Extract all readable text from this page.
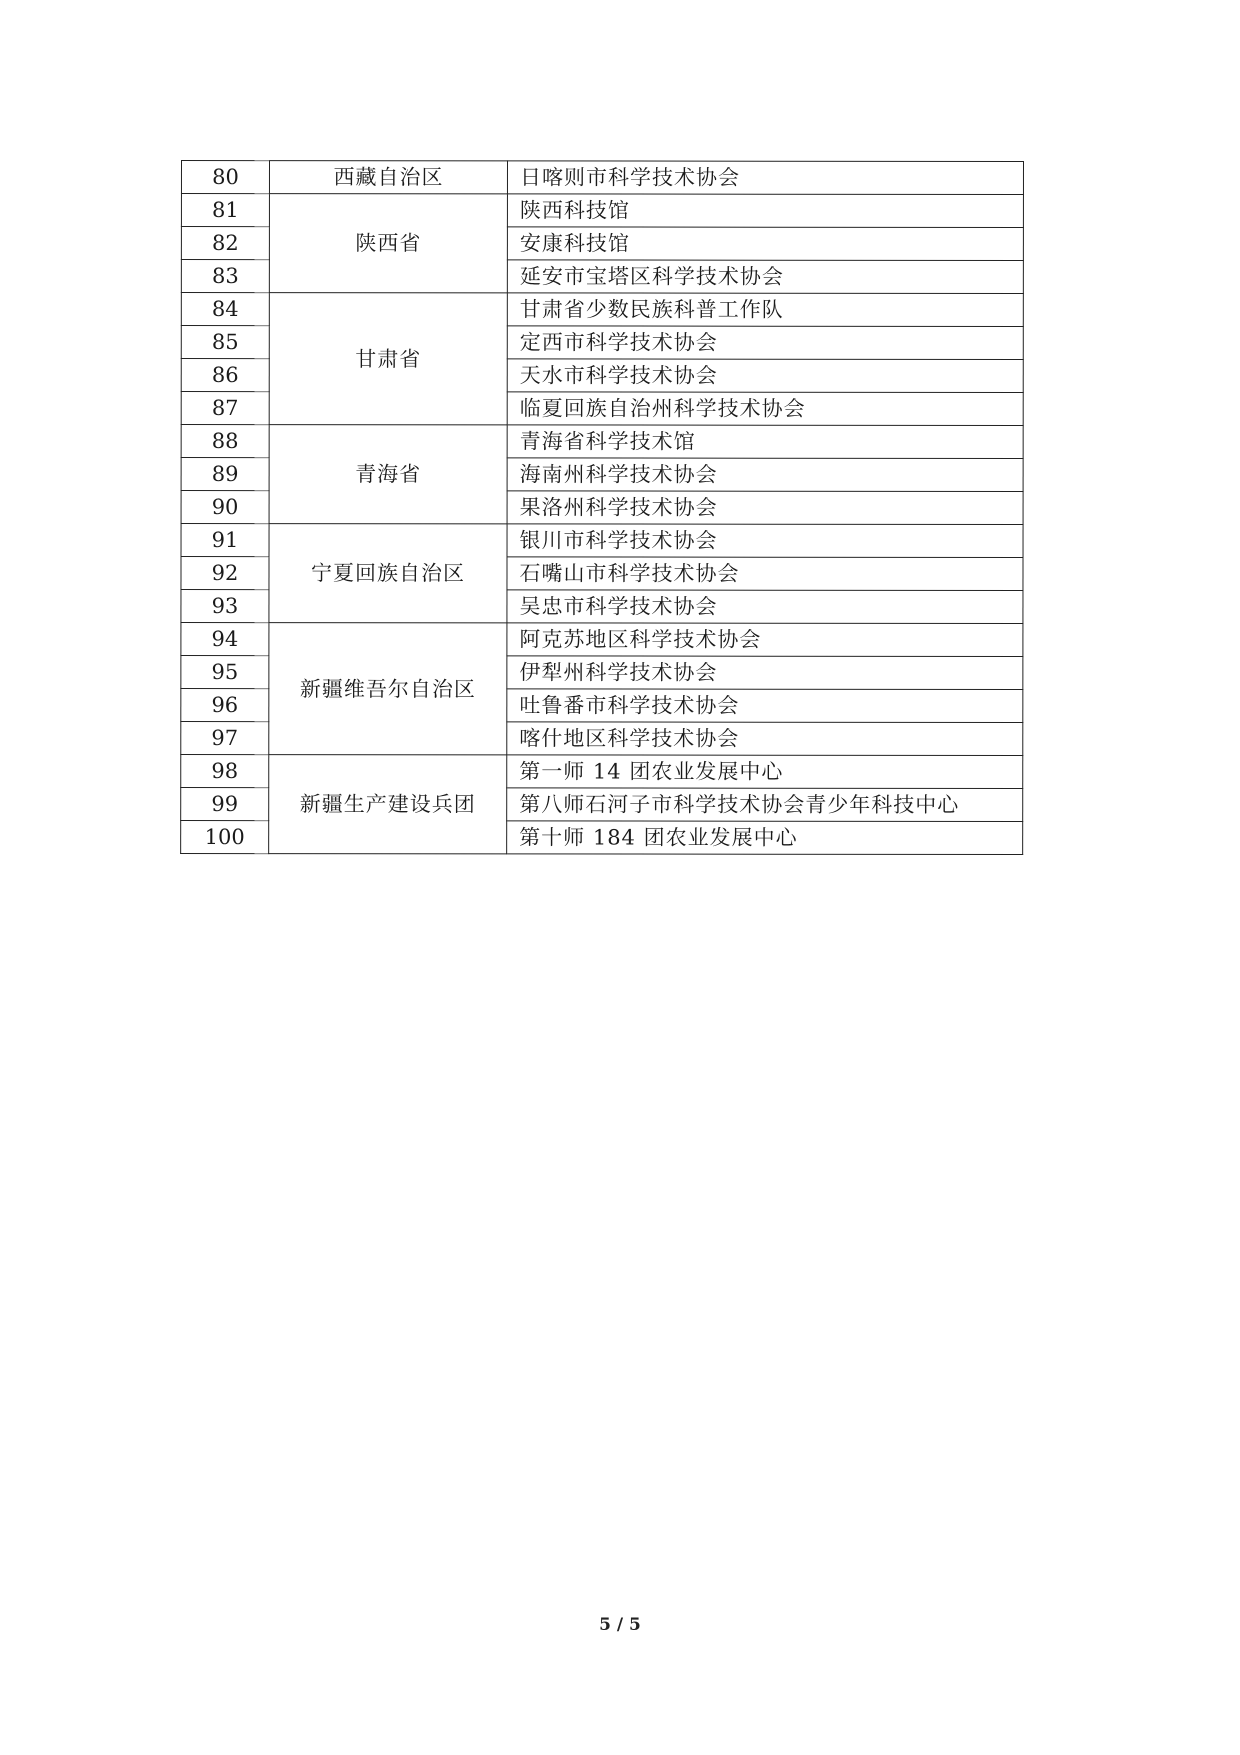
80	西藏自治区	日喀则市科学技术协会
81	陕西省	陕西科技馆
82		安康科技馆
83		延安市宝塔区科学技术协会
84	甘肃省	甘肃省少数民族科普工作队
85		定西市科学技术协会
86		天水市科学技术协会
87		临夏回族自治州科学技术协会
88	青海省	青海省科学技术馆
89		海南州科学技术协会
90		果洛州科学技术协会
91	宁夏回族自治区	银川市科学技术协会
92		石嘴山市科学技术协会
93		吴忠市科学技术协会
94	新疆维吾尔自治区	阿克苏地区科学技术协会
95		伊犁州科学技术协会
96		吐鲁番市科学技术协会
97		喀什地区科学技术协会
98	新疆生产建设兵团	第一师 14 团农业发展中心
99		第八师石河子市科学技术协会青少年科技中心
100		第十师 184 团农业发展中心
5 / 5
